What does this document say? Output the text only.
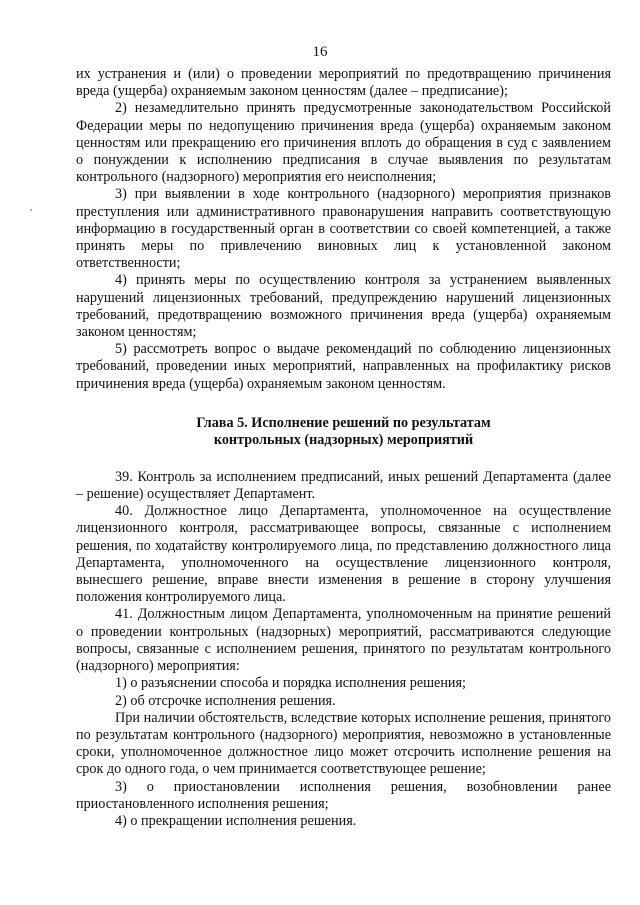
16

их устранения и (или) о проведении мероприятий по предотвращению причинения вреда (ущерба) охраняемым законом ценностям (далее – предписание);

2) незамедлительно принять предусмотренные законодательством Российской Федерации меры по недопущению причинения вреда (ущерба) охраняемым законом ценностям или прекращению его причинения вплоть до обращения в суд с заявлением о понуждении к исполнению предписания в случае выявления по результатам контрольного (надзорного) мероприятия его неисполнения;

3) при выявлении в ходе контрольного (надзорного) мероприятия признаков преступления или административного правонарушения направить соответствующую информацию в государственный орган в соответствии со своей компетенцией, а также принять меры по привлечению виновных лиц к установленной законом ответственности;

4) принять меры по осуществлению контроля за устранением выявленных нарушений лицензионных требований, предупреждению нарушений лицензионных требований, предотвращению возможного причинения вреда (ущерба) охраняемым законом ценностям;

5) рассмотреть вопрос о выдаче рекомендаций по соблюдению лицензионных требований, проведении иных мероприятий, направленных на профилактику рисков причинения вреда (ущерба) охраняемым законом ценностям.

Глава 5. Исполнение решений по результатам
контрольных (надзорных) мероприятий

39. Контроль за исполнением предписаний, иных решений Департамента (далее – решение) осуществляет Департамент.

40. Должностное лицо Департамента, уполномоченное на осуществление лицензионного контроля, рассматривающее вопросы, связанные с исполнением решения, по ходатайству контролируемого лица, по представлению должностного лица Департамента, уполномоченного на осуществление лицензионного контроля, вынесшего решение, вправе внести изменения в решение в сторону улучшения положения контролируемого лица.

41. Должностным лицом Департамента, уполномоченным на принятие решений о проведении контрольных (надзорных) мероприятий, рассматриваются следующие вопросы, связанные с исполнением решения, принятого по результатам контрольного (надзорного) мероприятия:

1) о разъяснении способа и порядка исполнения решения;

2) об отсрочке исполнения решения.

При наличии обстоятельств, вследствие которых исполнение решения, принятого по результатам контрольного (надзорного) мероприятия, невозможно в установленные сроки, уполномоченное должностное лицо может отсрочить исполнение решения на срок до одного года, о чем принимается соответствующее решение;

3) о приостановлении исполнения решения, возобновлении ранее приостановленного исполнения решения;

4) о прекращении исполнения решения.
